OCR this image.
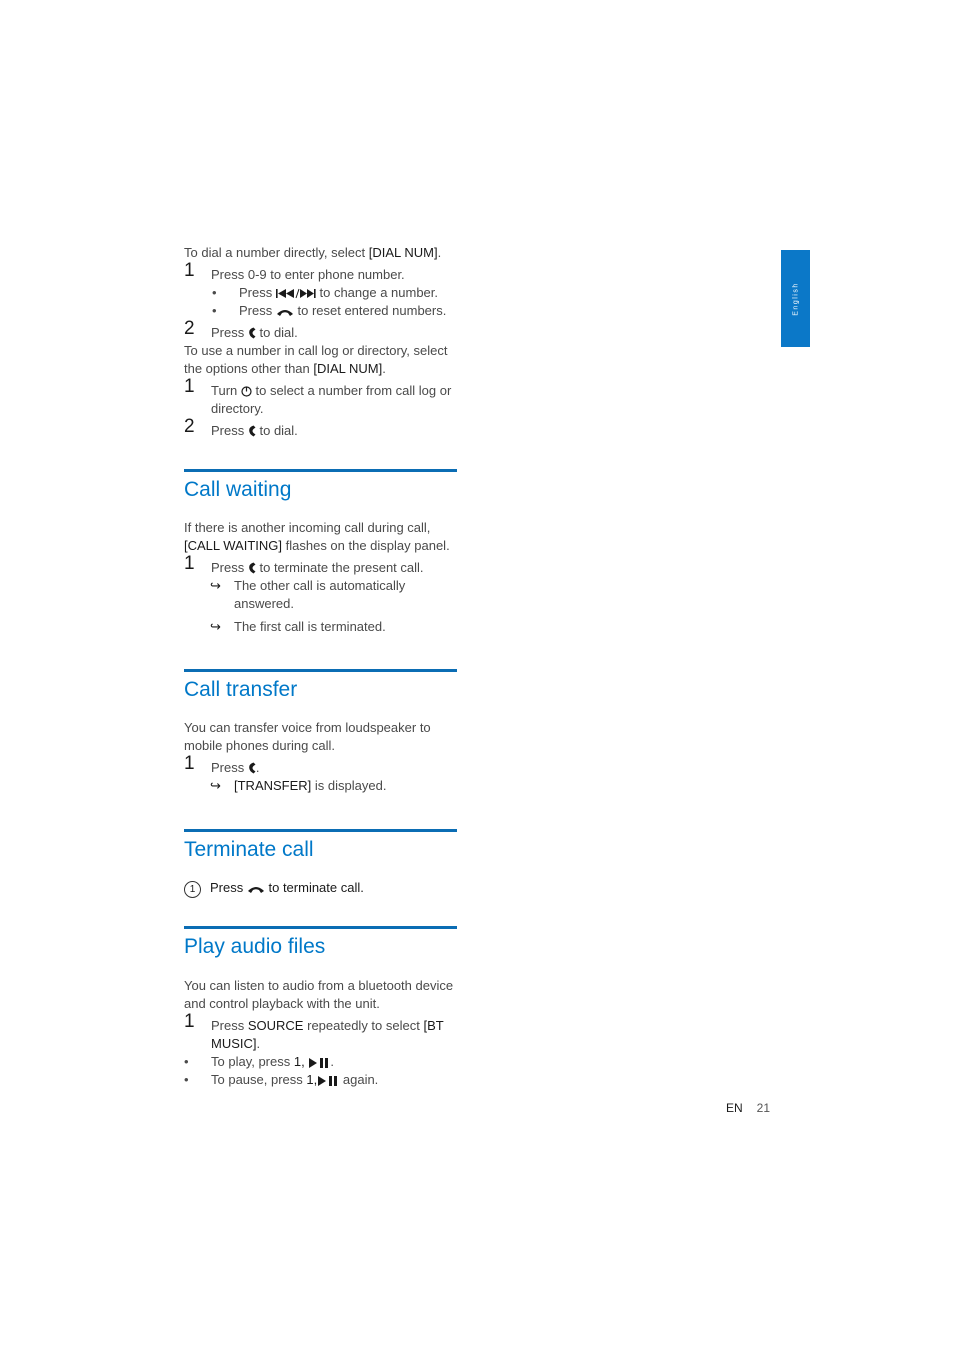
English

To dial a number directly, select [DIAL NUM].

1 Press 0-9 to enter phone number.
• Press	to change a number.
• Press to reset entered numbers.
2 Press to dial.

To use a number in call log or directory, select the options other than [DIAL NUM].

1 Turn to select a number from call log or directory.
2 Press to dial.
Call waiting

If there is another incoming call during call, [CALL WAITING] flashes on the display panel.

1 Press to terminate the present call.
↪ The other call is automatically answered.
↪ The first call is terminated.
Call transfer

You can transfer voice from loudspeaker to mobile phones during call.

1 Press .
↪ [TRANSFER] is displayed.
Terminate call

1 Press to terminate call.

Play audio files

You can listen to audio from a bluetooth device and control playback with the unit.

1 Press SOURCE repeatedly to select [BT MUSIC].
• To play, press 1, .
• To pause, press 1, again.
EN 21
